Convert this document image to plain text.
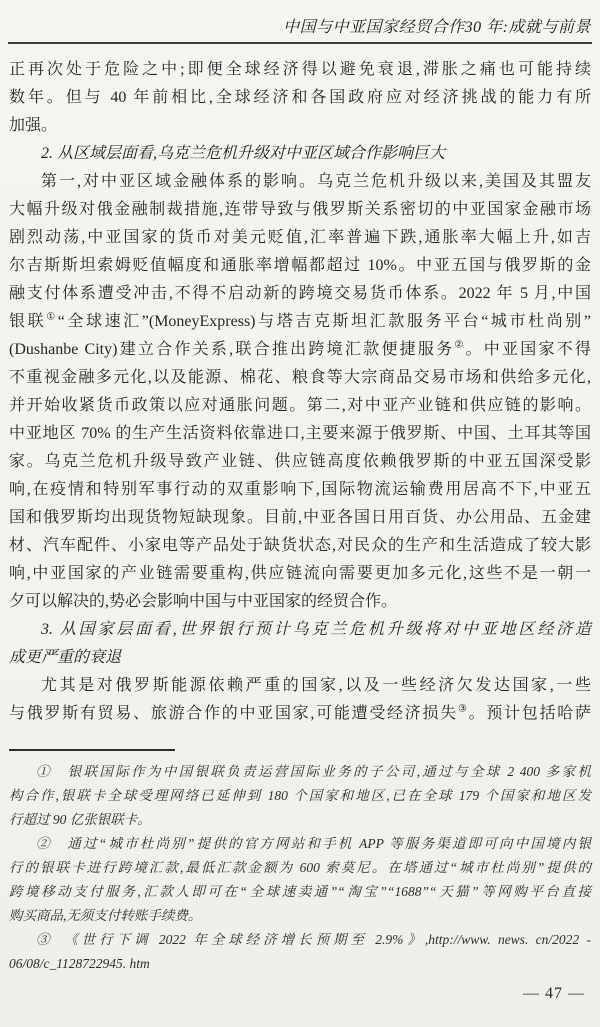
中国与中亚国家经贸合作30 年:成就与前景
正再次处于危险之中;即便全球经济得以避免衰退,滞胀之痛也可能持续
数年。但与 40 年前相比,全球经济和各国政府应对经济挑战的能力有所
加强。
2. 从区域层面看,乌克兰危机升级对中亚区域合作影响巨大
第一,对中亚区域金融体系的影响。乌克兰危机升级以来,美国及其盟友
大幅升级对俄金融制裁措施,连带导致与俄罗斯关系密切的中亚国家金融市场
剧烈动荡,中亚国家的货币对美元贬值,汇率普遍下跌,通胀率大幅上升,如吉
尔吉斯斯坦索姆贬值幅度和通胀率增幅都超过 10%。中亚五国与俄罗斯的金
融支付体系遭受冲击,不得不启动新的跨境交易货币体系。2022 年 5 月,中国
银联①“全球速汇”(MoneyExpress)与塔吉克斯坦汇款服务平台“城市杜尚别”
(Dushanbe City)建立合作关系,联合推出跨境汇款便捷服务②。中亚国家不得
不重视金融多元化,以及能源、棉花、粮食等大宗商品交易市场和供给多元化,
并开始收紧货币政策以应对通胀问题。第二,对中亚产业链和供应链的影响。
中亚地区 70% 的生产生活资料依靠进口,主要来源于俄罗斯、中国、土耳其等国
家。乌克兰危机升级导致产业链、供应链高度依赖俄罗斯的中亚五国深受影
响,在疫情和特别军事行动的双重影响下,国际物流运输费用居高不下,中亚五
国和俄罗斯均出现货物短缺现象。目前,中亚各国日用百货、办公用品、五金建
材、汽车配件、小家电等产品处于缺货状态,对民众的生产和生活造成了较大影
响,中亚国家的产业链需要重构,供应链流向需要更加多元化,这些不是一朝一
夕可以解决的,势必会影响中国与中亚国家的经贸合作。
3. 从国家层面看,世界银行预计乌克兰危机升级将对中亚地区经济造
成更严重的衰退
尤其是对俄罗斯能源依赖严重的国家,以及一些经济欠发达国家,一些
与俄罗斯有贸易、旅游合作的中亚国家,可能遭受经济损失③。预计包括哈萨
①　银联国际作为中国银联负责运营国际业务的子公司,通过与全球 2 400 多家机
构合作,银联卡全球受理网络已延伸到 180 个国家和地区,已在全球 179 个国家和地区发
行超过 90 亿张银联卡。
②　通过“城市杜尚别”提供的官方网站和手机 APP 等服务渠道即可向中国境内银
行的银联卡进行跨境汇款,最低汇款金额为 600 索莫尼。在塔通过“城市杜尚别”提供的
跨境移动支付服务,汇款人即可在“全球速卖通”“淘宝”“1688”“天猫”等网购平台直接
购买商品,无须支付转账手续费。
③　《世行下调 2022 年全球经济增长预期至 2.9%》,http://www. news. cn/2022 -
06/08/c_1128722945. htm
— 47 —
